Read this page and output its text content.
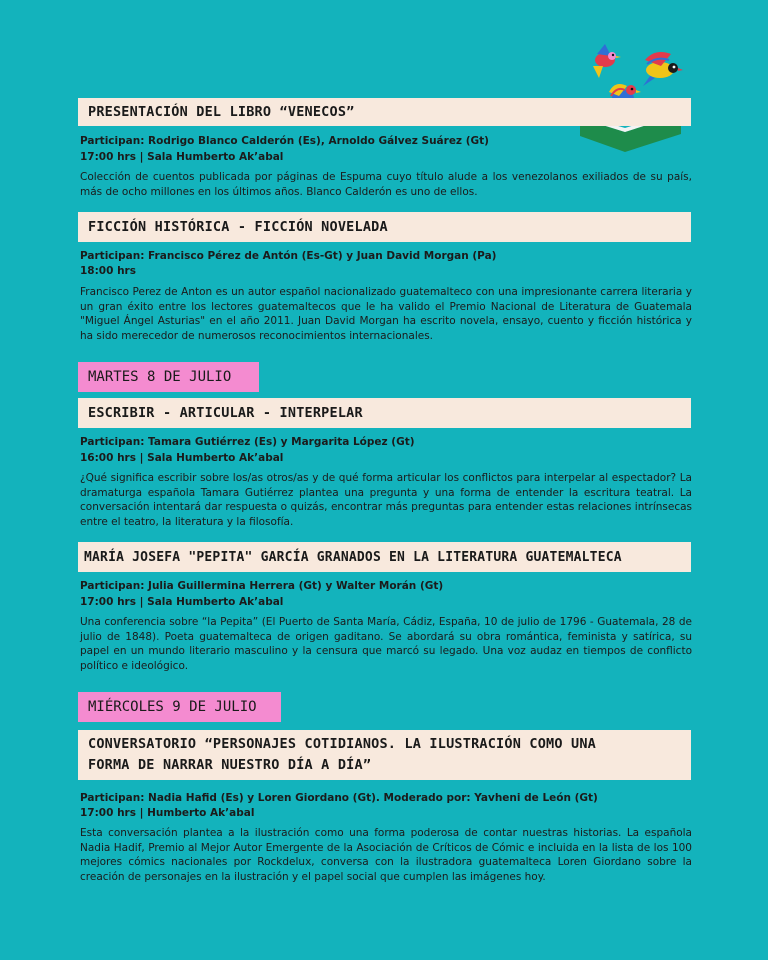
PRESENTACIÓN DEL LIBRO “VENECOS”
Participan: Rodrigo Blanco Calderón (Es), Arnoldo Gálvez Suárez (Gt)
17:00 hrs | Sala Humberto Ak’abal
Colección de cuentos publicada por páginas de Espuma cuyo título alude a los venezolanos exiliados de su país, más de ocho millones en los últimos años. Blanco Calderón es uno de ellos.
FICCIÓN HISTÓRICA - FICCIÓN NOVELADA
Participan: Francisco Pérez de Antón (Es-Gt) y Juan David Morgan (Pa)
18:00 hrs
Francisco Perez de Anton es un autor español nacionalizado guatemalteco con una impresionante carrera literaria y un gran éxito entre los lectores guatemaltecos que le ha valido el Premio Nacional de Literatura de Guatemala "Miguel Ángel Asturias" en el año 2011. Juan David Morgan ha escrito novela, ensayo, cuento y ficción histórica y ha sido merecedor de numerosos reconocimientos internacionales.
MARTES 8 DE JULIO
ESCRIBIR - ARTICULAR - INTERPELAR
Participan: Tamara Gutiérrez (Es) y Margarita López (Gt)
16:00 hrs | Sala Humberto Ak’abal
¿Qué significa escribir sobre los/as otros/as y de qué forma articular los conflictos para interpelar al espectador? La dramaturga española Tamara Gutiérrez plantea una pregunta y una forma de entender la escritura teatral. La conversación intentará dar respuesta o quizás, encontrar más preguntas para entender estas relaciones intrínsecas entre el teatro, la literatura y la filosofía.
MARÍA JOSEFA "PEPITA" GARCÍA GRANADOS EN LA LITERATURA GUATEMALTECA
Participan: Julia Guillermina Herrera (Gt) y Walter Morán (Gt)
17:00 hrs | Sala Humberto Ak’abal
Una conferencia sobre “la Pepita” (El Puerto de Santa María, Cádiz, España, 10 de julio de 1796 - Guatemala, 28 de julio de 1848). Poeta guatemalteca de origen gaditano. Se abordará su obra romántica, feminista y satírica, su papel en un mundo literario masculino y la censura que marcó su legado. Una voz audaz en tiempos de conflicto político e ideológico.
MIÉRCOLES 9 DE JULIO
CONVERSATORIO “PERSONAJES COTIDIANOS. LA ILUSTRACIÓN COMO UNA
FORMA DE NARRAR NUESTRO DÍA A DÍA”
Participan: Nadia Hafid (Es) y Loren Giordano (Gt). Moderado por: Yavheni de León (Gt)
17:00 hrs | Humberto Ak’abal
Esta conversación plantea a la ilustración como una forma poderosa de contar nuestras historias. La española Nadia Hadif, Premio al Mejor Autor Emergente de la Asociación de Críticos de Cómic e incluida en la lista de los 100 mejores cómics nacionales por Rockdelux, conversa con la ilustradora guatemalteca Loren Giordano sobre la creación de personajes en la ilustración y el papel social que cumplen las imágenes hoy.
